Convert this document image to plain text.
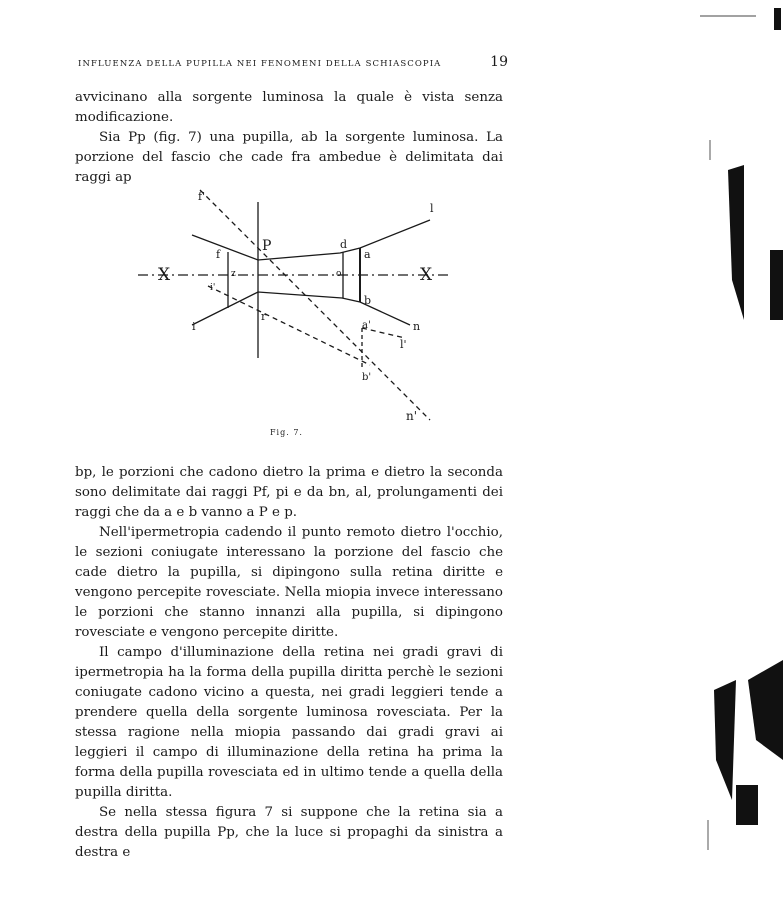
INFLUENZA DELLA PUPILLA NEI FENOMENI DELLA SCHIASCOPIA	19

avvicinano alla sorgente luminosa la quale è vista senza modificazione.

Sia Pp (fig. 7) una pupilla, ab la sorgente luminosa. La porzione del fascio che cade fra ambedue è delimitata dai raggi ap

f'
l
P	d
f	a
X	X
z	o
i'
b
i
r
a'
l'
n
b'
n'
Fig. 7.

bp, le porzioni che cadono dietro la prima e dietro la seconda sono delimitate dai raggi Pf, pi e da bn, al, prolungamenti dei raggi che da a e b vanno a P e p.

Nell'ipermetropia cadendo il punto remoto dietro l'occhio, le sezioni coniugate interessano la porzione del fascio che cade dietro la pupilla, si dipingono sulla retina diritte e vengono percepite rovesciate. Nella miopia invece interessano le porzioni che stanno innanzi alla pupilla, si dipingono rovesciate e vengono percepite diritte.

Il campo d'illuminazione della retina nei gradi gravi di ipermetropia ha la forma della pupilla diritta perchè le sezioni coniugate cadono vicino a questa, nei gradi leggieri tende a prendere quella della sorgente luminosa rovesciata. Per la stessa ragione nella miopia passando dai gradi gravi ai leggieri il campo di illuminazione della retina ha prima la forma della pupilla rovesciata ed in ultimo tende a quella della pupilla diritta.

Se nella stessa figura 7 si suppone che la retina sia a destra della pupilla Pp, che la luce si propaghi da sinistra a destra e
